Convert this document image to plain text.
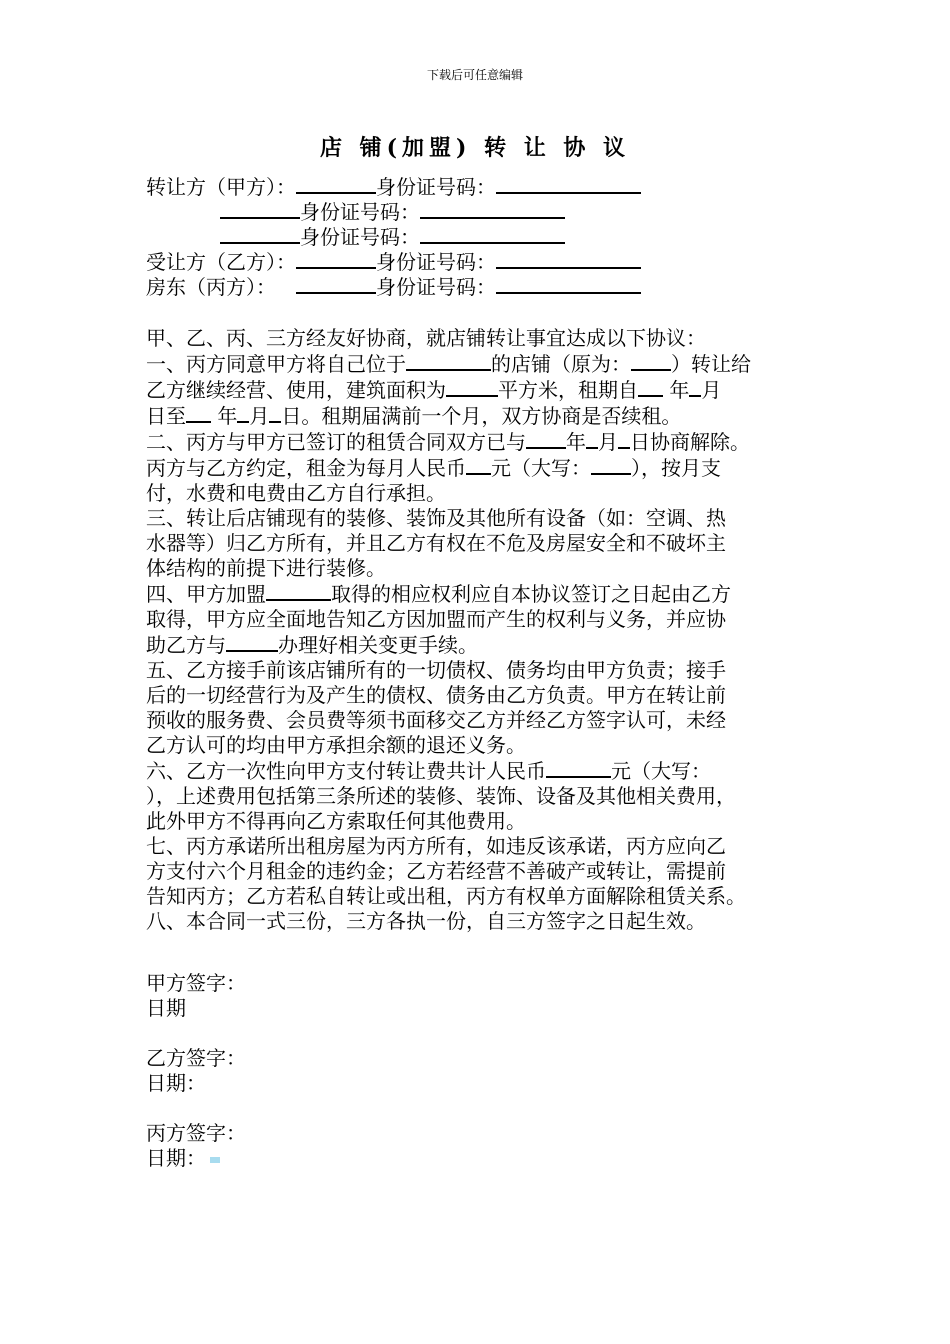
下载后可任意编辑
店 铺(加盟) 转 让 协 议
转让方（甲方）：	身份证号码：
身份证号码：
身份证号码：
受让方（乙方）：	身份证号码：
房东（丙方）：	身份证号码：

甲、乙、丙、三方经友好协商，就店铺转让事宜达成以下协议：

一、丙方同意甲方将自己位于	的店铺（原为： ）转让给

乙方继续经营、使用，建筑面积为	平方米，租期自 年 月

日至 年 月 日。租期届满前一个月，双方协商是否续租。

二、丙方与甲方已签订的租赁合同双方已与 年 月 日协商解除。

丙方与乙方约定，租金为每月人民币 元（大写： ），按月支

付，水费和电费由乙方自行承担。

三、转让后店铺现有的装修、装饰及其他所有设备（如：空调、热

水器等）归乙方所有，并且乙方有权在不危及房屋安全和不破坏主

体结构的前提下进行装修。

四、甲方加盟	取得的相应权利应自本协议签订之日起由乙方

取得，甲方应全面地告知乙方因加盟而产生的权利与义务，并应协

助乙方与	办理好相关变更手续。

五、乙方接手前该店铺所有的一切债权、债务均由甲方负责；接手

后的一切经营行为及产生的债权、债务由乙方负责。甲方在转让前

预收的服务费、会员费等须书面移交乙方并经乙方签字认可，未经

乙方认可的均由甲方承担余额的退还义务。

六、乙方一次性向甲方支付转让费共计人民币	元（大写：

），上述费用包括第三条所述的装修、装饰、设备及其他相关费用，

此外甲方不得再向乙方索取任何其他费用。

七、丙方承诺所出租房屋为丙方所有，如违反该承诺，丙方应向乙

方支付六个月租金的违约金；乙方若经营不善破产或转让，需提前

告知丙方；乙方若私自转让或出租，丙方有权单方面解除租赁关系。

八、本合同一式三份，三方各执一份，自三方签字之日起生效。

甲方签字：
日期
乙方签字：
日期：
丙方签字：
日期：
